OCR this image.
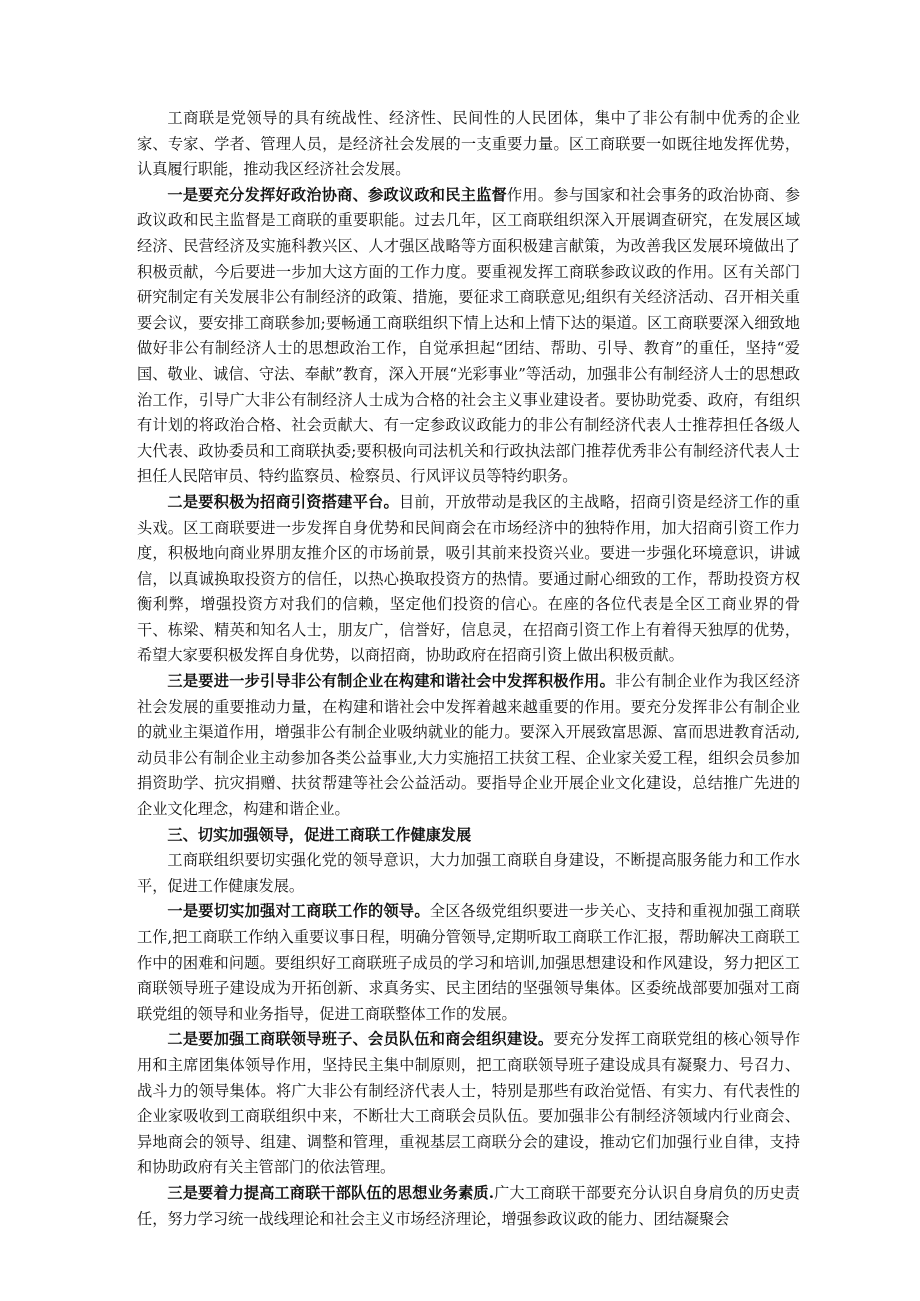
工商联是党领导的具有统战性、经济性、民间性的人民团体，集中了非公有制中优秀的企业家、专家、学者、管理人员，是经济社会发展的一支重要力量。区工商联要一如既往地发挥优势，认真履行职能，推动我区经济社会发展。

一是要充分发挥好政治协商、参政议政和民主监督作用。参与国家和社会事务的政治协商、参政议政和民主监督是工商联的重要职能。过去几年，区工商联组织深入开展调查研究，在发展区域经济、民营经济及实施科教兴区、人才强区战略等方面积极建言献策，为改善我区发展环境做出了积极贡献，今后要进一步加大这方面的工作力度。要重视发挥工商联参政议政的作用。区有关部门研究制定有关发展非公有制经济的政策、措施，要征求工商联意见;组织有关经济活动、召开相关重要会议，要安排工商联参加;要畅通工商联组织下情上达和上情下达的渠道。区工商联要深入细致地做好非公有制经济人士的思想政治工作，自觉承担起“团结、帮助、引导、教育”的重任，坚持“爱国、敬业、诚信、守法、奉献”教育，深入开展“光彩事业”等活动，加强非公有制经济人士的思想政治工作，引导广大非公有制经济人士成为合格的社会主义事业建设者。要协助党委、政府，有组织有计划的将政治合格、社会贡献大、有一定参政议政能力的非公有制经济代表人士推荐担任各级人大代表、政协委员和工商联执委;要积极向司法机关和行政执法部门推荐优秀非公有制经济代表人士担任人民陪审员、特约监察员、检察员、行风评议员等特约职务。

二是要积极为招商引资搭建平台。目前，开放带动是我区的主战略，招商引资是经济工作的重头戏。区工商联要进一步发挥自身优势和民间商会在市场经济中的独特作用，加大招商引资工作力度，积极地向商业界朋友推介区的市场前景，吸引其前来投资兴业。要进一步强化环境意识，讲诚信，以真诚换取投资方的信任，以热心换取投资方的热情。要通过耐心细致的工作，帮助投资方权衡利弊，增强投资方对我们的信赖，坚定他们投资的信心。在座的各位代表是全区工商业界的骨干、栋梁、精英和知名人士，朋友广，信誉好，信息灵，在招商引资工作上有着得天独厚的优势，希望大家要积极发挥自身优势，以商招商，协助政府在招商引资上做出积极贡献。

三是要进一步引导非公有制企业在构建和谐社会中发挥积极作用。非公有制企业作为我区经济社会发展的重要推动力量，在构建和谐社会中发挥着越来越重要的作用。要充分发挥非公有制企业的就业主渠道作用，增强非公有制企业吸纳就业的能力。要深入开展致富思源、富而思进教育活动,动员非公有制企业主动参加各类公益事业,大力实施招工扶贫工程、企业家关爱工程，组织会员参加捐资助学、抗灾捐赠、扶贫帮建等社会公益活动。要指导企业开展企业文化建设，总结推广先进的企业文化理念，构建和谐企业。

三、切实加强领导，促进工商联工作健康发展

工商联组织要切实强化党的领导意识，大力加强工商联自身建设，不断提高服务能力和工作水平，促进工作健康发展。

一是要切实加强对工商联工作的领导。全区各级党组织要进一步关心、支持和重视加强工商联工作,把工商联工作纳入重要议事日程，明确分管领导,定期听取工商联工作汇报，帮助解决工商联工作中的困难和问题。要组织好工商联班子成员的学习和培训,加强思想建设和作风建设，努力把区工商联领导班子建设成为开拓创新、求真务实、民主团结的坚强领导集体。区委统战部要加强对工商联党组的领导和业务指导，促进工商联整体工作的发展。

二是要加强工商联领导班子、会员队伍和商会组织建设。要充分发挥工商联党组的核心领导作用和主席团集体领导作用，坚持民主集中制原则，把工商联领导班子建设成具有凝聚力、号召力、战斗力的领导集体。将广大非公有制经济代表人士，特别是那些有政治觉悟、有实力、有代表性的企业家吸收到工商联组织中来，不断壮大工商联会员队伍。要加强非公有制经济领域内行业商会、异地商会的领导、组建、调整和管理，重视基层工商联分会的建设，推动它们加强行业自律，支持和协助政府有关主管部门的依法管理。

三是要着力提高工商联干部队伍的思想业务素质.广大工商联干部要充分认识自身肩负的历史责任，努力学习统一战线理论和社会主义市场经济理论，增强参政议政的能力、团结凝聚会
